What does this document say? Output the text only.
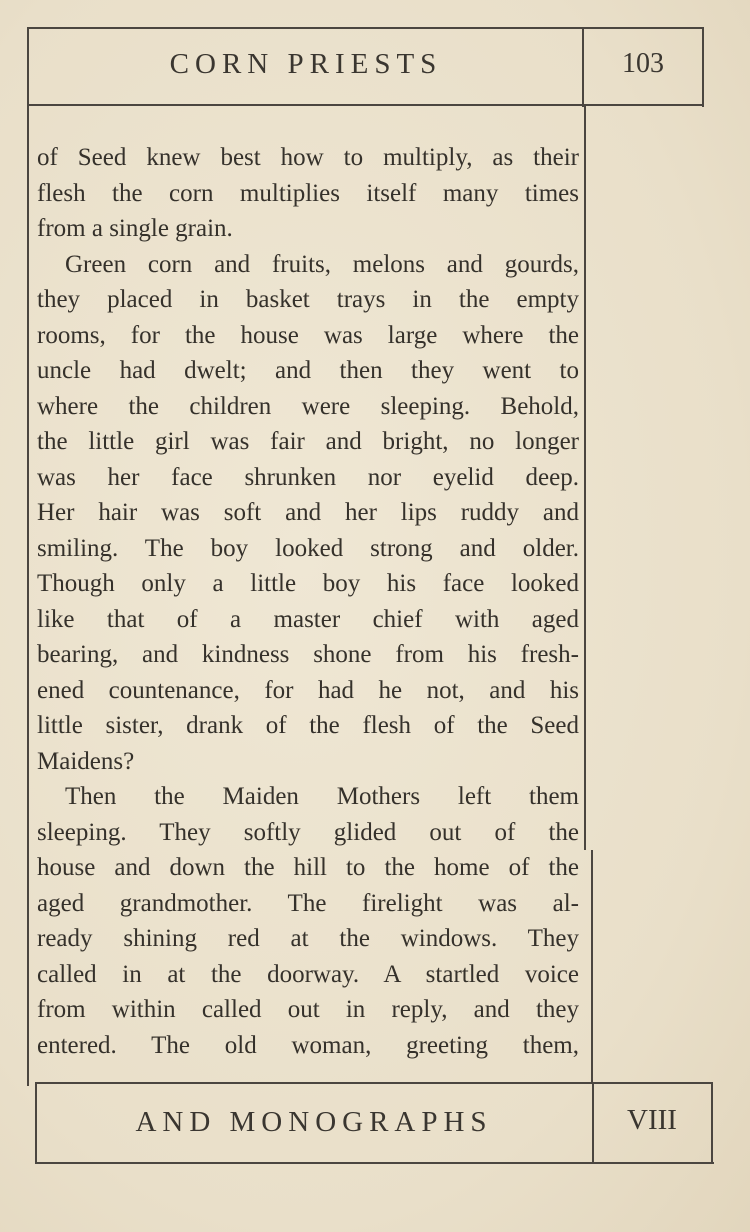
CORN PRIESTS	103
of Seed knew best how to multiply, as their
flesh the corn multiplies itself many times
from a single grain.
Green corn and fruits, melons and gourds,
they placed in basket trays in the empty
rooms, for the house was large where the
uncle had dwelt; and then they went to
where the children were sleeping. Behold,
the little girl was fair and bright, no longer
was her face shrunken nor eyelid deep.
Her hair was soft and her lips ruddy and
smiling. The boy looked strong and older.
Though only a little boy his face looked
like that of a master chief with aged
bearing, and kindness shone from his fresh-
ened countenance, for had he not, and his
little sister, drank of the flesh of the Seed
Maidens?
Then the Maiden Mothers left them
sleeping. They softly glided out of the
house and down the hill to the home of the
aged grandmother. The firelight was al-
ready shining red at the windows. They
called in at the doorway. A startled voice
from within called out in reply, and they
entered. The old woman, greeting them,
AND MONOGRAPHS	VIII
